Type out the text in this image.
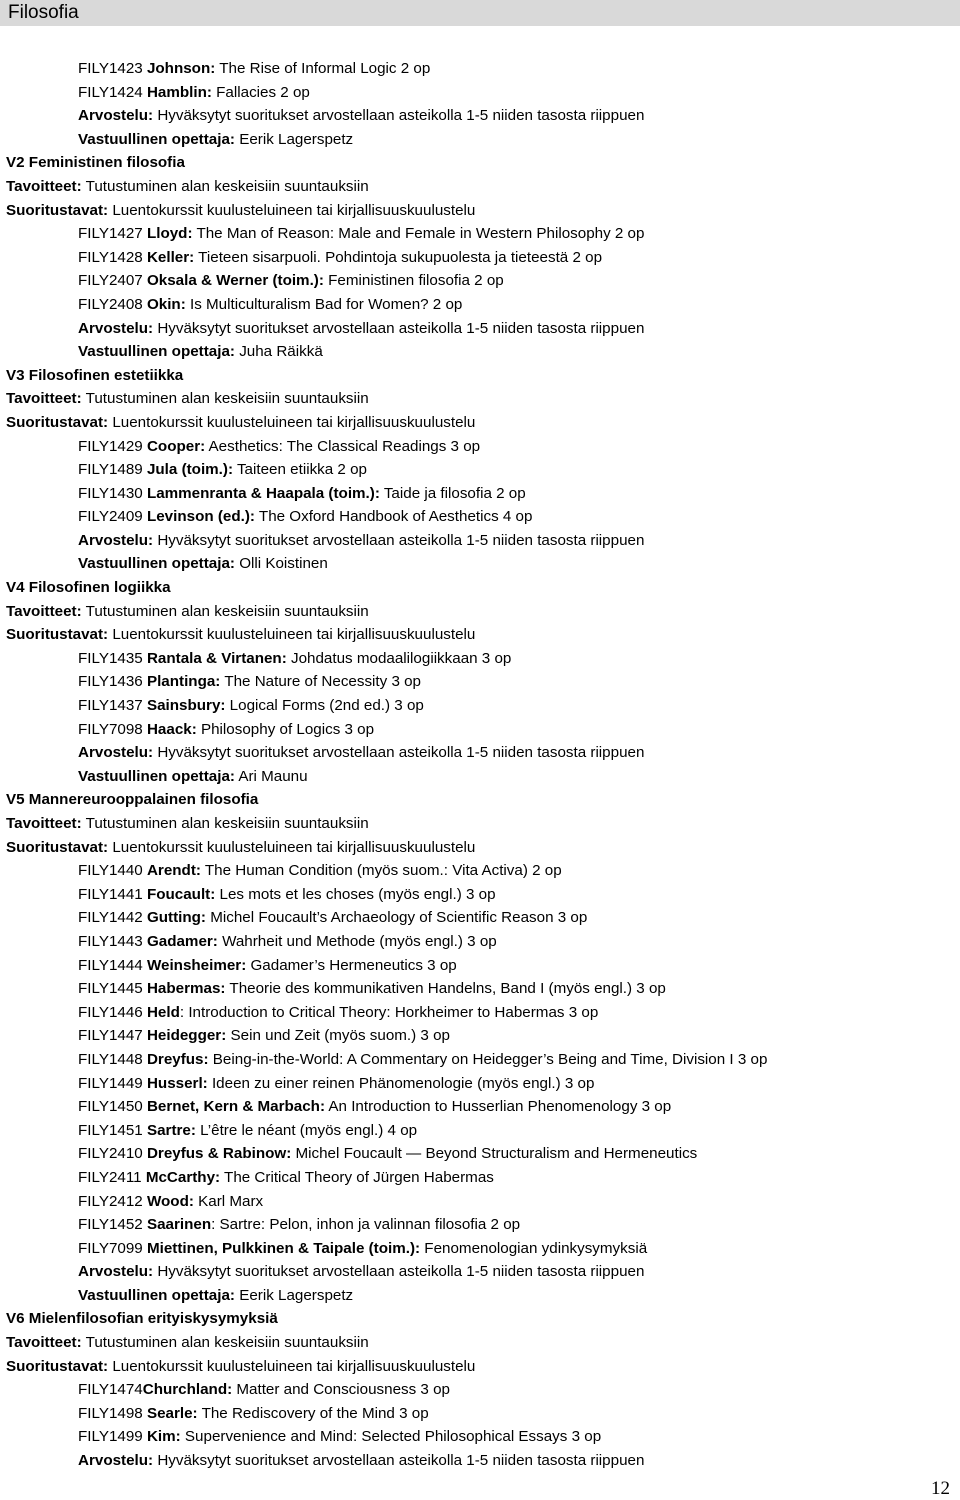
Filosofia
FILY1423 Johnson: The Rise of Informal Logic 2 op
FILY1424 Hamblin: Fallacies 2 op
Arvostelu: Hyväksytyt suoritukset arvostellaan asteikolla 1-5 niiden tasosta riippuen
Vastuullinen opettaja: Eerik Lagerspetz
V2 Feministinen filosofia
Tavoitteet: Tutustuminen alan keskeisiin suuntauksiin
Suoritustavat: Luentokurssit kuulusteluineen tai kirjallisuuskuulustelu
FILY1427 Lloyd: The Man of Reason: Male and Female in Western Philosophy 2 op
FILY1428 Keller: Tieteen sisarpuoli. Pohdintoja sukupuolesta ja tieteestä 2 op
FILY2407 Oksala & Werner (toim.): Feministinen filosofia 2 op
FILY2408 Okin: Is Multiculturalism Bad for Women? 2 op
Arvostelu: Hyväksytyt suoritukset arvostellaan asteikolla 1-5 niiden tasosta riippuen
Vastuullinen opettaja: Juha Räikkä
V3 Filosofinen estetiikka
Tavoitteet: Tutustuminen alan keskeisiin suuntauksiin
Suoritustavat: Luentokurssit kuulusteluineen tai kirjallisuuskuulustelu
FILY1429 Cooper: Aesthetics: The Classical Readings 3 op
FILY1489 Jula (toim.): Taiteen etiikka 2 op
FILY1430 Lammenranta & Haapala (toim.): Taide ja filosofia 2 op
FILY2409 Levinson (ed.): The Oxford Handbook of Aesthetics 4 op
Arvostelu: Hyväksytyt suoritukset arvostellaan asteikolla 1-5 niiden tasosta riippuen
Vastuullinen opettaja: Olli Koistinen
V4 Filosofinen logiikka
Tavoitteet: Tutustuminen alan keskeisiin suuntauksiin
Suoritustavat: Luentokurssit kuulusteluineen tai kirjallisuuskuulustelu
FILY1435 Rantala & Virtanen: Johdatus modaalilogiikkaan 3 op
FILY1436 Plantinga: The Nature of Necessity 3 op
FILY1437 Sainsbury: Logical Forms (2nd ed.) 3 op
FILY7098 Haack: Philosophy of Logics 3 op
Arvostelu: Hyväksytyt suoritukset arvostellaan asteikolla 1-5 niiden tasosta riippuen
Vastuullinen opettaja: Ari Maunu
V5 Mannereurooppalainen filosofia
Tavoitteet: Tutustuminen alan keskeisiin suuntauksiin
Suoritustavat: Luentokurssit kuulusteluineen tai kirjallisuuskuulustelu
FILY1440 Arendt: The Human Condition (myös suom.: Vita Activa) 2 op
FILY1441 Foucault: Les mots et les choses (myös engl.) 3 op
FILY1442 Gutting: Michel Foucault’s Archaeology of Scientific Reason 3 op
FILY1443 Gadamer: Wahrheit und Methode (myös engl.) 3 op
FILY1444 Weinsheimer: Gadamer’s Hermeneutics 3 op
FILY1445 Habermas: Theorie des kommunikativen Handelns, Band I (myös engl.) 3 op
FILY1446 Held: Introduction to Critical Theory: Horkheimer to Habermas 3 op
FILY1447 Heidegger: Sein und Zeit (myös suom.) 3 op
FILY1448 Dreyfus: Being-in-the-World: A Commentary on Heidegger’s Being and Time, Division I 3 op
FILY1449 Husserl: Ideen zu einer reinen Phänomenologie (myös engl.) 3 op
FILY1450 Bernet, Kern & Marbach: An Introduction to Husserlian Phenomenology 3 op
FILY1451 Sartre: L’être le néant (myös engl.) 4 op
FILY2410 Dreyfus & Rabinow: Michel Foucault — Beyond Structuralism and Hermeneutics
FILY2411 McCarthy: The Critical Theory of Jürgen Habermas
FILY2412 Wood: Karl Marx
FILY1452 Saarinen: Sartre: Pelon, inhon ja valinnan filosofia 2 op
FILY7099 Miettinen, Pulkkinen & Taipale (toim.): Fenomenologian ydinkysymyksiä
Arvostelu: Hyväksytyt suoritukset arvostellaan asteikolla 1-5 niiden tasosta riippuen
Vastuullinen opettaja: Eerik Lagerspetz
V6 Mielenfilosofian erityiskysymyksiä
Tavoitteet: Tutustuminen alan keskeisiin suuntauksiin
Suoritustavat: Luentokurssit kuulusteluineen tai kirjallisuuskuulustelu
FILY1474Churchland: Matter and Consciousness 3 op
FILY1498 Searle: The Rediscovery of the Mind 3 op
FILY1499 Kim: Supervenience and Mind: Selected Philosophical Essays 3 op
Arvostelu: Hyväksytyt suoritukset arvostellaan asteikolla 1-5 niiden tasosta riippuen
12
